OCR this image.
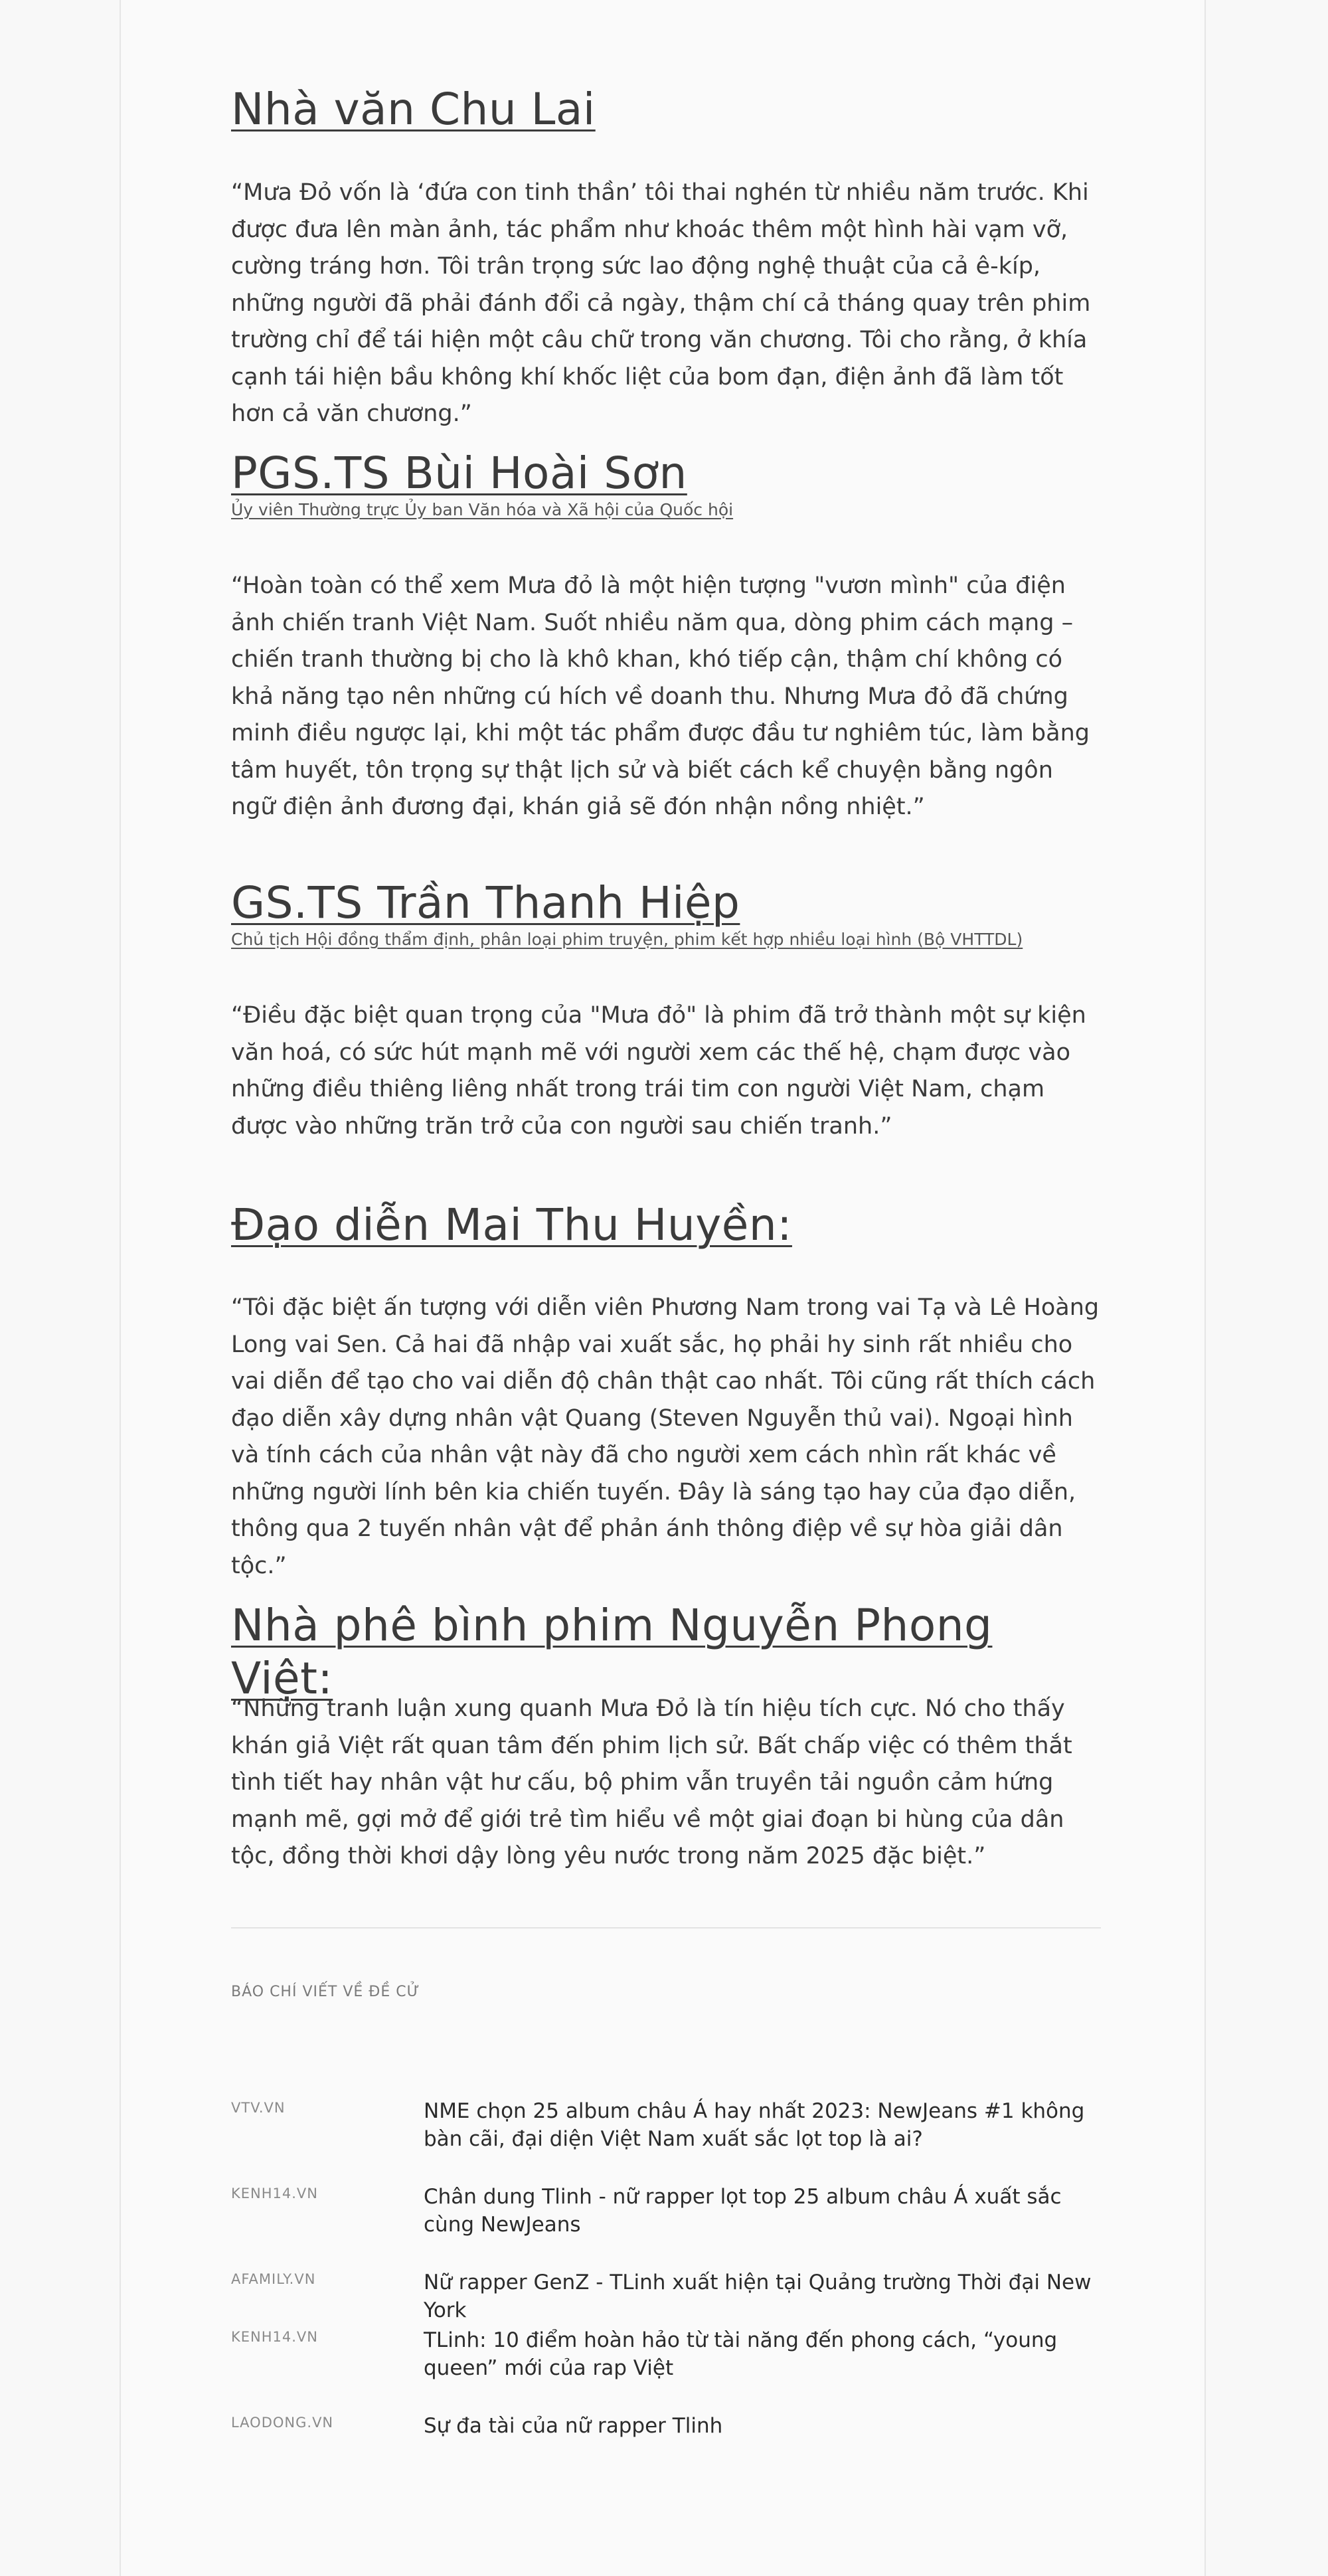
Nhà văn Chu Lai

“Mưa Đỏ vốn là ‘đứa con tinh thần’ tôi thai nghén từ nhiều năm trước. Khi được đưa lên màn ảnh, tác phẩm như khoác thêm một hình hài vạm vỡ, cường tráng hơn. Tôi trân trọng sức lao động nghệ thuật của cả ê-kíp, những người đã phải đánh đổi cả ngày, thậm chí cả tháng quay trên phim trường chỉ để tái hiện một câu chữ trong văn chương. Tôi cho rằng, ở khía cạnh tái hiện bầu không khí khốc liệt của bom đạn, điện ảnh đã làm tốt hơn cả văn chương.”

PGS.TS Bùi Hoài Sơn
Ủy viên Thường trực Ủy ban Văn hóa và Xã hội của Quốc hội

“Hoàn toàn có thể xem Mưa đỏ là một hiện tượng "vươn mình" của điện ảnh chiến tranh Việt Nam. Suốt nhiều năm qua, dòng phim cách mạng – chiến tranh thường bị cho là khô khan, khó tiếp cận, thậm chí không có khả năng tạo nên những cú hích về doanh thu. Nhưng Mưa đỏ đã chứng minh điều ngược lại, khi một tác phẩm được đầu tư nghiêm túc, làm bằng tâm huyết, tôn trọng sự thật lịch sử và biết cách kể chuyện bằng ngôn ngữ điện ảnh đương đại, khán giả sẽ đón nhận nồng nhiệt.”

GS.TS Trần Thanh Hiệp
Chủ tịch Hội đồng thẩm định, phân loại phim truyện, phim kết hợp nhiều loại hình (Bộ VHTTDL)

“Điều đặc biệt quan trọng của "Mưa đỏ" là phim đã trở thành một sự kiện văn hoá, có sức hút mạnh mẽ với người xem các thế hệ, chạm được vào những điều thiêng liêng nhất trong trái tim con người Việt Nam, chạm được vào những trăn trở của con người sau chiến tranh.”

Đạo diễn Mai Thu Huyền:

“Tôi đặc biệt ấn tượng với diễn viên Phương Nam trong vai Tạ và Lê Hoàng Long vai Sen. Cả hai đã nhập vai xuất sắc, họ phải hy sinh rất nhiều cho vai diễn để tạo cho vai diễn độ chân thật cao nhất. Tôi cũng rất thích cách đạo diễn xây dựng nhân vật Quang (Steven Nguyễn thủ vai). Ngoại hình và tính cách của nhân vật này đã cho người xem cách nhìn rất khác về những người lính bên kia chiến tuyến. Đây là sáng tạo hay của đạo diễn, thông qua 2 tuyến nhân vật để phản ánh thông điệp về sự hòa giải dân tộc.”

Nhà phê bình phim Nguyễn Phong Việt:

“Những tranh luận xung quanh Mưa Đỏ là tín hiệu tích cực. Nó cho thấy khán giả Việt rất quan tâm đến phim lịch sử. Bất chấp việc có thêm thắt tình tiết hay nhân vật hư cấu, bộ phim vẫn truyền tải nguồn cảm hứng mạnh mẽ, gợi mở để giới trẻ tìm hiểu về một giai đoạn bi hùng của dân tộc, đồng thời khơi dậy lòng yêu nước trong năm 2025 đặc biệt.”

BÁO CHÍ VIẾT VỀ ĐỀ CỬ
VTV.VN	NME chọn 25 album châu Á hay nhất 2023: NewJeans #1 không bàn cãi, đại diện Việt Nam xuất sắc lọt top là ai?
KENH14.VN	Chân dung Tlinh - nữ rapper lọt top 25 album châu Á xuất sắc cùng NewJeans
AFAMILY.VN	Nữ rapper GenZ - TLinh xuất hiện tại Quảng trường Thời đại New York
KENH14.VN	TLinh: 10 điểm hoàn hảo từ tài năng đến phong cách, “young queen” mới của rap Việt
LAODONG.VN	Sự đa tài của nữ rapper Tlinh
